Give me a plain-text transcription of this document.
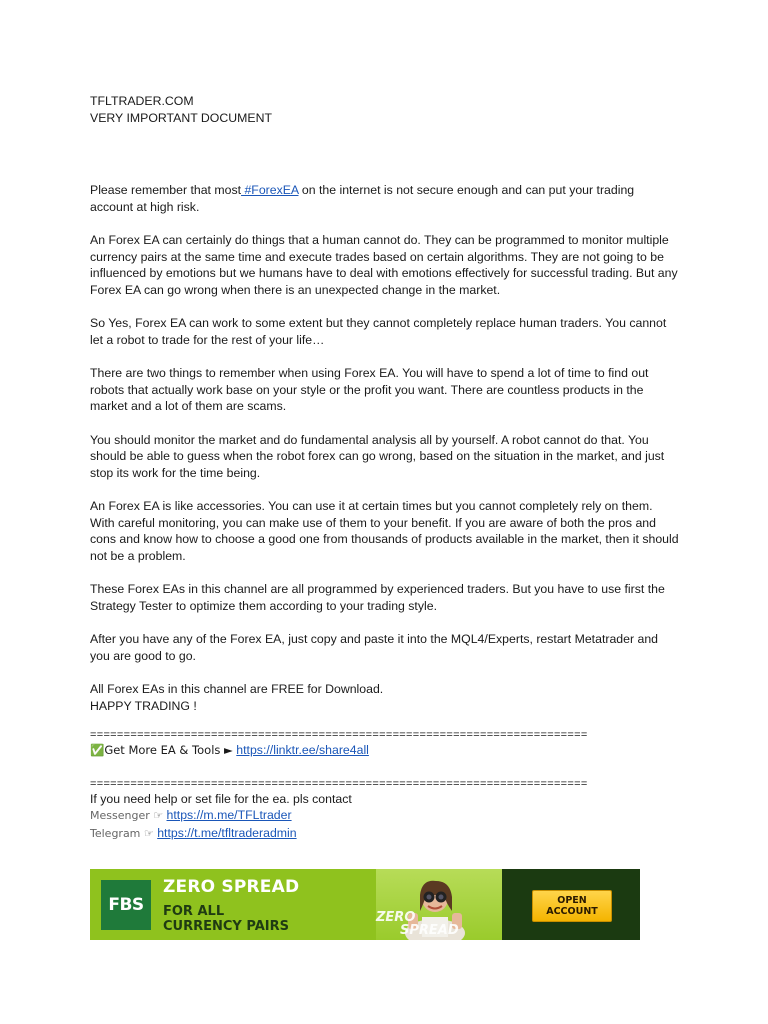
TFLTRADER.COM

VERY IMPORTANT DOCUMENT

Please remember that most #ForexEA on the internet is not secure enough and can put your trading account at high risk.

An Forex EA can certainly do things that a human cannot do. They can be programmed to monitor multiple currency pairs at the same time and execute trades based on certain algorithms. They are not going to be influenced by emotions but we humans have to deal with emotions effectively for successful trading. But any Forex EA can go wrong when there is an unexpected change in the market.

So Yes, Forex EA can work to some extent but they cannot completely replace human traders. You cannot let a robot to trade for the rest of your life…

There are two things to remember when using Forex EA. You will have to spend a lot of time to find out robots that actually work base on your style or the profit you want. There are countless products in the market and a lot of them are scams.

You should monitor the market and do fundamental analysis all by yourself. A robot cannot do that. You should be able to guess when the robot forex can go wrong, based on the situation in the market, and just stop its work for the time being.

An Forex EA is like accessories. You can use it at certain times but you cannot completely rely on them. With careful monitoring, you can make use of them to your benefit. If you are aware of both the pros and cons and know how to choose a good one from thousands of products available in the market, then it should not be a problem.

These Forex EAs in this channel are all programmed by experienced traders. But you have to use first the Strategy Tester to optimize them according to your trading style.

After you have any of the Forex EA, just copy and paste it into the MQL4/Experts, restart Metatrader and you are good to go.

All Forex EAs in this channel are FREE for Download.
HAPPY TRADING !

==========================================================================

✅Get More EA & Tools ► https://linktr.ee/share4all

==========================================================================

If you need help or set file for the ea. pls contact

Messenger ☞ https://m.me/TFLtrader

Telegram ☞ https://t.me/tfltraderadmin

FBS
ZERO SPREAD
FOR ALL
CURRENCY PAIRS
ZERO
SPREAD
OPEN
ACCOUNT
